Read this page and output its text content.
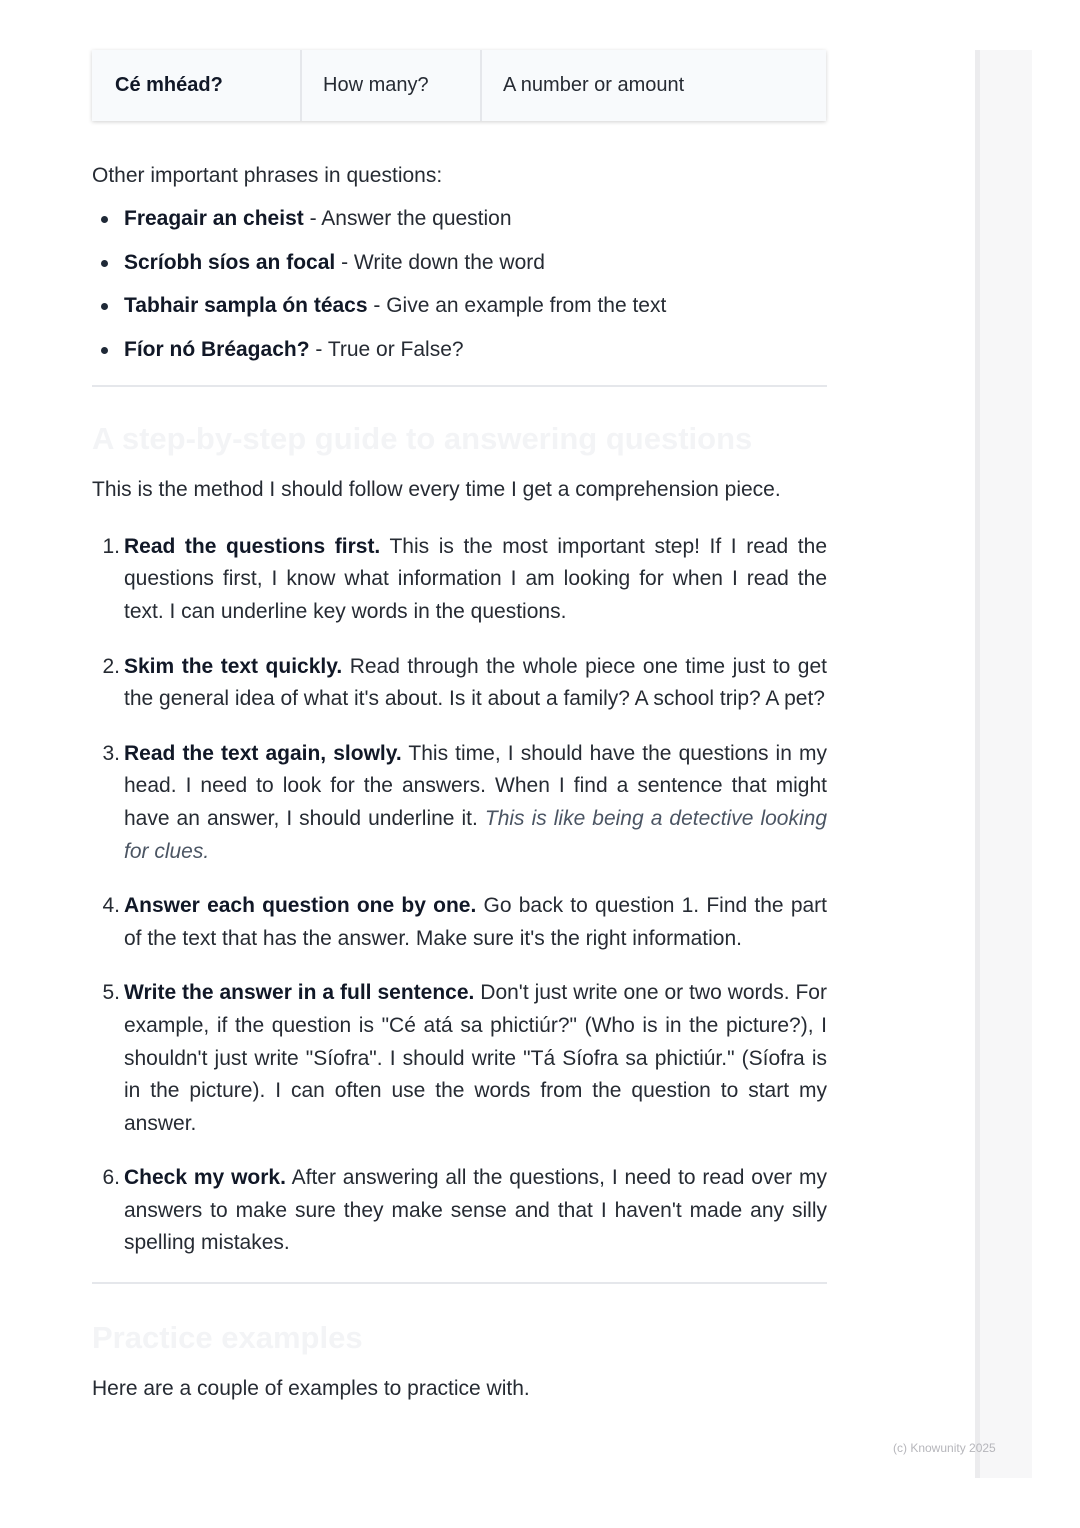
(c) Knowunity 2025
Cé mhéad?	How many?	A number or amount

Other important phrases in questions:

Freagair an cheist - Answer the question
Scríobh síos an focal - Write down the word
Tabhair sampla ón téacs - Give an example from the text
Fíor nó Bréagach? - True or False?
A step-by-step guide to answering questions

This is the method I should follow every time I get a comprehension piece.

1. Read the questions first. This is the most important step! If I read the questions first, I know what information I am looking for when I read the text. I can underline key words in the questions.
2. Skim the text quickly. Read through the whole piece one time just to get the general idea of what it's about. Is it about a family? A school trip? A pet?
3. Read the text again, slowly. This time, I should have the questions in my head. I need to look for the answers. When I find a sentence that might have an answer, I should underline it. This is like being a detective looking for clues.
4. Answer each question one by one. Go back to question 1. Find the part of the text that has the answer. Make sure it's the right information.
5. Write the answer in a full sentence. Don't just write one or two words. For example, if the question is "Cé atá sa phictiúr?" (Who is in the picture?), I shouldn't just write "Síofra". I should write "Tá Síofra sa phictiúr." (Síofra is in the picture). I can often use the words from the question to start my answer.
6. Check my work. After answering all the questions, I need to read over my answers to make sure they make sense and that I haven't made any silly spelling mistakes.
Practice examples

Here are a couple of examples to practice with.
